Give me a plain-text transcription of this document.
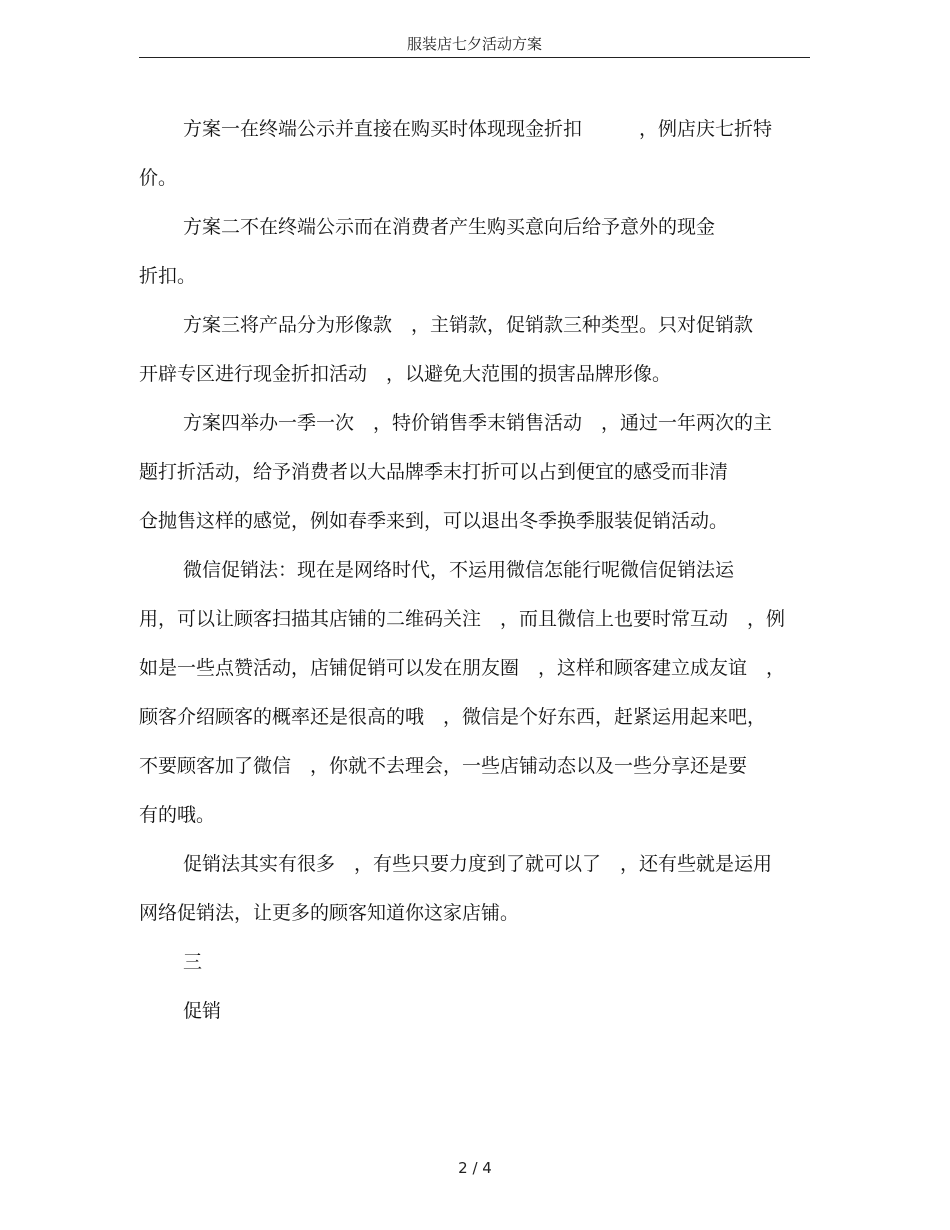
服装店七夕活动方案

方案一在终端公示并直接在购买时体现现金折扣　　　，例店庆七折特
价。

方案二不在终端公示而在消费者产生购买意向后给予意外的现金
折扣。

方案三将产品分为形像款　，主销款，促销款三种类型。只对促销款
开辟专区进行现金折扣活动　，以避免大范围的损害品牌形像。

方案四举办一季一次　，特价销售季末销售活动　，通过一年两次的主
题打折活动，给予消费者以大品牌季末打折可以占到便宜的感受而非清
仓抛售这样的感觉，例如春季来到，可以退出冬季换季服装促销活动。

微信促销法：现在是网络时代，不运用微信怎能行呢微信促销法运
用，可以让顾客扫描其店铺的二维码关注　，而且微信上也要时常互动　，例
如是一些点赞活动，店铺促销可以发在朋友圈　，这样和顾客建立成友谊　，
顾客介绍顾客的概率还是很高的哦　，微信是个好东西，赶紧运用起来吧，
不要顾客加了微信　，你就不去理会，一些店铺动态以及一些分享还是要
有的哦。

促销法其实有很多　，有些只要力度到了就可以了　，还有些就是运用
网络促销法，让更多的顾客知道你这家店铺。

三

促销

2 / 4
